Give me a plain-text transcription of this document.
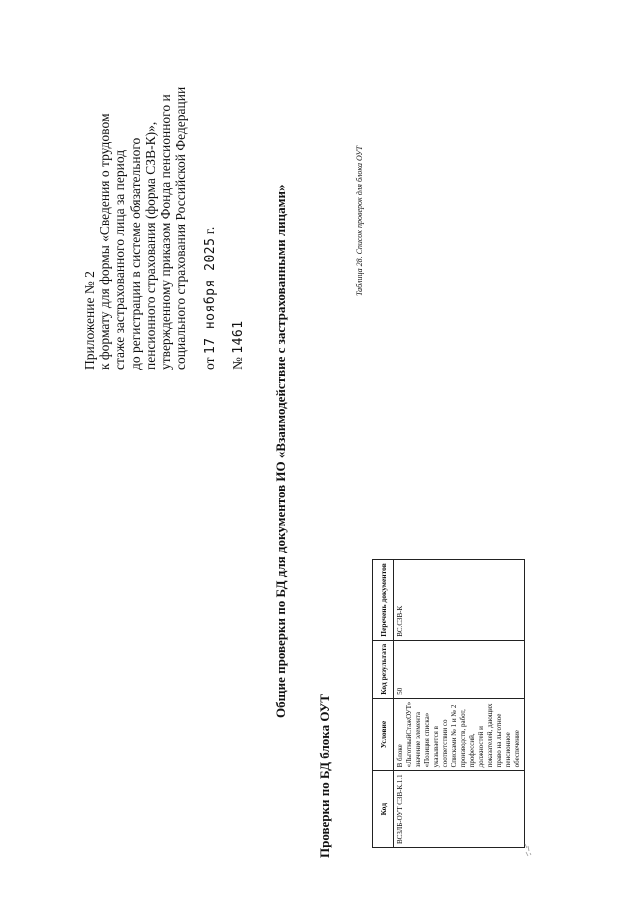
Приложение № 2 к формату для формы «Сведения о трудовом стаже застрахованного лица за период до регистрации в системе обязательного пенсионного страхования (форма СЗВ-К)», утвержденному приказом Фонда пенсионного и социального страхования Российской Федерации от 17 ноября 2025 г.
№ 1461 Общие проверки по БД для документов ИО «Взаимодействие с застрахованными лицами»
Проверки по БД блока ОУТ
Таблица 28. Список проверок для блока ОУТ
Код	Условие	Код результата	Перечень документов
ВСЗЛБ-ОУТ СЗВ-К.1.1	В блоке «ЛьготныйСтажОУТ» значение элемента «Позиция списка» указывается в соответствии со Списками № 1 и № 2 производств, работ, профессий, должностей и показателей, дающих право на льготное пенсионное обеспечение	50	ВС.СЗВ-К
